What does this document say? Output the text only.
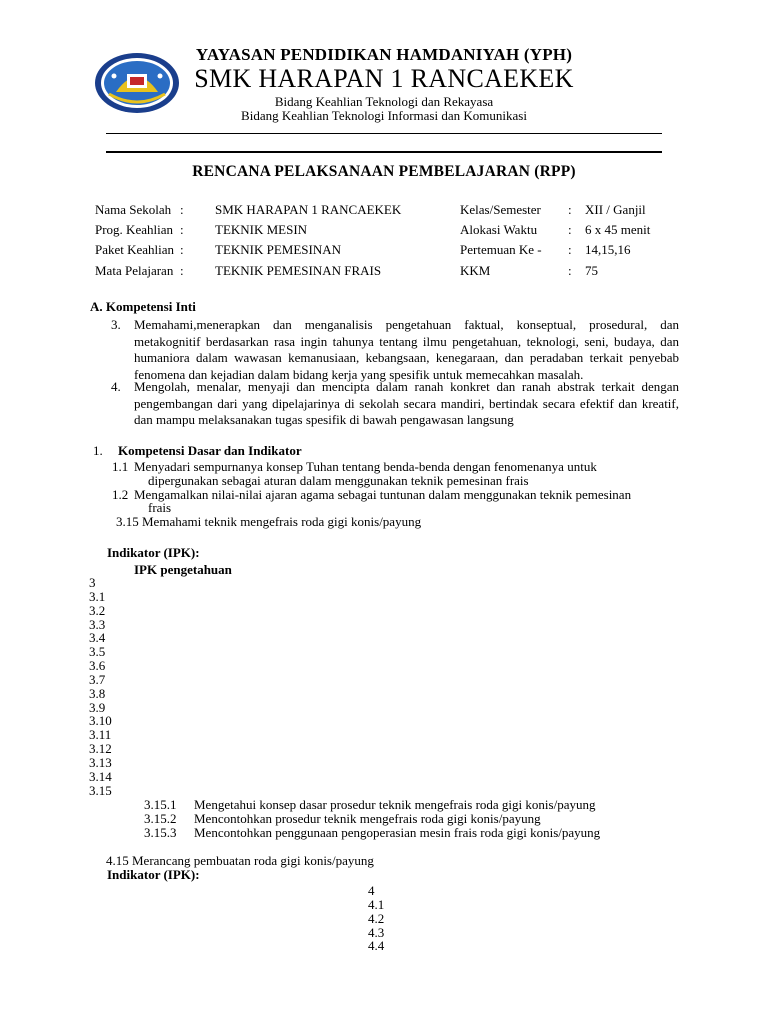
YAYASAN PENDIDIKAN HAMDANIYAH (YPH)
SMK HARAPAN 1 RANCAEKEK
Bidang Keahlian Teknologi dan Rekayasa
Bidang Keahlian Teknologi Informasi dan Komunikasi
RENCANA PELAKSANAAN PEMBELAJARAN (RPP)
Nama Sekolah : SMK HARAPAN 1 RANCAEKEK	Kelas/Semester : XII / Ganjil
Prog. Keahlian : TEKNIK MESIN	Alokasi Waktu : 6 x 45 menit
Paket Keahlian : TEKNIK PEMESINAN	Pertemuan Ke - : 14,15,16
Mata Pelajaran : TEKNIK PEMESINAN FRAIS	KKM	: 75
A. Kompetensi Inti
3. Memahami,menerapkan dan menganalisis pengetahuan faktual, konseptual, prosedural, dan metakognitif berdasarkan rasa ingin tahunya tentang ilmu pengetahuan, teknologi, seni, budaya, dan humaniora dalam wawasan kemanusiaan, kebangsaan, kenegaraan, dan peradaban terkait penyebab fenomena dan kejadian dalam bidang kerja yang spesifik untuk memecahkan masalah.
4. Mengolah, menalar, menyaji dan mencipta dalam ranah konkret dan ranah abstrak terkait dengan pengembangan dari yang dipelajarinya di sekolah secara mandiri, bertindak secara efektif dan kreatif, dan mampu melaksanakan tugas spesifik di bawah pengawasan langsung
1. Kompetensi Dasar dan Indikator
1.1 Menyadari sempurnanya konsep Tuhan tentang benda-benda dengan fenomenanya untuk
dipergunakan sebagai aturan dalam menggunakan teknik pemesinan frais
1.2 Mengamalkan nilai-nilai ajaran agama sebagai tuntunan dalam menggunakan teknik pemesinan
frais
3.15 Memahami teknik mengefrais roda gigi konis/payung
Indikator (IPK):
IPK pengetahuan
3
3.1
3.2
3.3
3.4
3.5
3.6
3.7
3.8
3.9
3.10
3.11
3.12
3.13
3.14
3.15
3.15.1 Mengetahui konsep dasar prosedur teknik mengefrais roda gigi konis/payung
3.15.2 Mencontohkan prosedur teknik mengefrais roda gigi konis/payung
3.15.3 Mencontohkan penggunaan pengoperasian mesin frais roda gigi konis/payung
4.15 Merancang pembuatan roda gigi konis/payung
Indikator (IPK):
4
4.1
4.2
4.3
4.4
